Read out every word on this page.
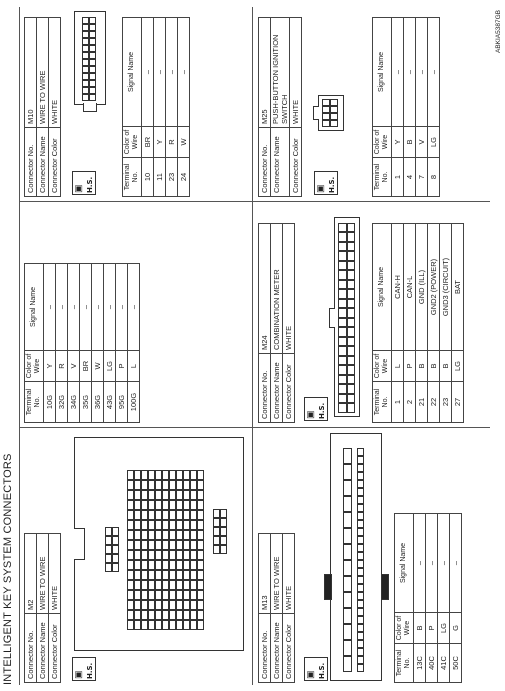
INTELLIGENT KEY SYSTEM CONNECTORS Connector No.	M2
Connector Name	WIRE TO WIRE
Connector Color	WHITE
▣ H.S.
Terminal No.	Color of Wire	Signal Name
10G	Y	–
32G	R	–
34G	V	–
35G	BR	–
36G	W	–
43G	LG	–
95G	P	–
100G	L	–
Connector No.	M10
Connector Name	WIRE TO WIRE
Connector Color	WHITE
▣ H.S.	Terminal No.	Color of Wire	Signal Name
10	BR	–
11	Y	–
23	R	–
24	W	–
Connector No.	M13
Connector Name	WIRE TO WIRE
Connector Color	WHITE
▣ H.S.	Terminal No.	Color of Wire	Signal Name
13C	B	–
40C	P	–
41C	LG	–
50C	G	–
Connector No.	M24
Connector Name	COMBINATION METER
Connector Color	WHITE
▣ H.S.	Terminal No.	Color of Wire	Signal Name
1	L	CAN-H
2	P	CAN-L
21	B	GND (ILL)
22	B	GND2 (POWER)
23	B	GND3 (CIRCUIT)
27	LG	BAT
Connector No.	M25
Connector Name	PUSH-BUTTON IGNITION SWITCH
Connector Color	WHITE
▣ H.S.	Terminal No.	Color of Wire	Signal Name
1	Y	–
4	B	–
7	V	–
8	LG	–
ABKIA5387GB
